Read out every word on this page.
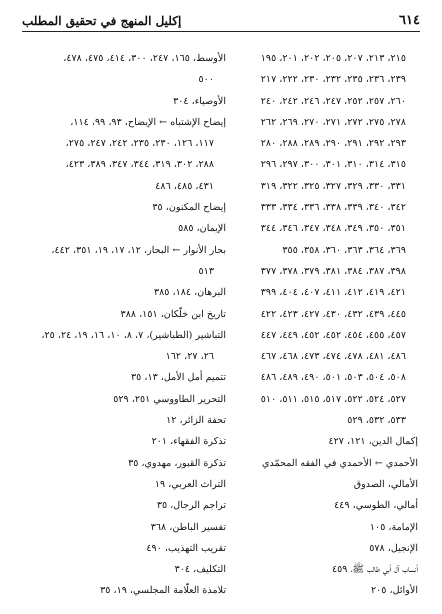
٦١٤
إكليل المنهج في تحقيق المطلب
٢١٥، ٢١٣، ٢٠٧، ٢٠٥، ٢٠٢، ٢٠١، ١٩٥
٢٣٩، ٢٣٦، ٢٣٥، ٢٣٢، ٢٣٠، ٢٢٢، ٢١٧
٢٦٠، ٢٥٧، ٢٥٢، ٢٤٧، ٢٤٦، ٢٤٢، ٢٤٠
٢٧٨، ٢٧٥، ٢٧٢، ٢٧١، ٢٧٠، ٢٦٩، ٢٦٢
٢٩٣، ٢٩٢، ٢٩١، ٢٩٠، ٢٨٩، ٢٨٨، ٢٨٠
٣١٥، ٣١٤، ٣١٠، ٣٠١، ٣٠٠، ٢٩٧، ٢٩٦
٣٣١، ٣٣٠، ٣٢٩، ٣٢٧، ٣٢٥، ٣٢٢، ٣١٩
٣٤٢، ٣٤٠، ٣٣٩، ٣٣٨، ٣٣٦، ٣٣٤، ٣٣٣
٣٥١، ٣٥٠، ٣٤٩، ٣٤٨، ٣٤٧، ٣٤٦، ٣٤٤
٣٦٩، ٣٦٤، ٣٦٣، ٣٦٠، ٣٥٨، ٣٥٥
٣٩٨، ٣٨٧، ٣٨٤، ٣٨١، ٣٧٩، ٣٧٨، ٣٧٧
٤٢١، ٤١٩، ٤١٢، ٤١١، ٤٠٧، ٤٠٤، ٣٩٩
٤٤٥، ٤٣٩، ٤٣٢، ٤٣٠، ٤٢٧، ٤٢٣، ٤٢٢
٤٥٧، ٤٥٥، ٤٥٤، ٤٥٢، ٤٥٢، ٤٤٩، ٤٤٧
٤٨٦، ٤٨١، ٤٧٨، ٤٧٤، ٤٧٣، ٤٦٨، ٤٦٧
٥٠٨، ٥٠٤، ٥٠٣، ٥٠١، ٤٩٠، ٤٨٩، ٤٨٦
٥٢٧، ٥٢٤، ٥٢٢، ٥١٧، ٥١٥، ٥١١، ٥١٠
٥٣٣، ٥٣٢، ٥٢٩
إكمال الدين، ١٢١، ٤٢٧
الأحمدي ← الأحمدي في الفقه المحمّدي
الأمالي، الصدوق
أمالي، الطوسي، ٤٤٩
الإمامة، ١٠٥
الإنجيل، ٥٧٨
أنساب آل أبي طالب ﷺ، ٤٥٩
الأوائل، ٢٠٥
الأوسط، ١٦٥، ٢٤٧، ٣٠٠، ٤١٤، ٤٧٥، ٤٧٨،
٥٠٠
الأوصياء، ٣٠٤
إيضاح الإشتباه ← الإيضاح، ٩٣، ٩٩، ١١٤،
١١٧، ١٢٦، ٢٣٠، ٢٣٥، ٢٤٢، ٢٤٧، ٢٧٥،
٢٨٨، ٣٠٢، ٣١٩، ٣٤٤، ٣٤٧، ٣٨٩، ٤٢٣،
٤٣١، ٤٨٥، ٤٨٦
إيضاح المكنون، ٣٥
الإيمان، ٥٨٥
بحار الأنوار ← البحار، ١٢، ١٧، ١٩، ٣٥١، ٤٤٢،
٥١٣
البرهان، ١٨٤، ٣٨٥
تاريخ ابن خلّكان، ١٥١، ٣٨٨
التباشير (الطباشير)، ٧، ٨، ١٠، ١٦، ١٩، ٢٤، ٢٥،
٢٦، ٢٧، ١٦٢
تتميم أمل الأمل، ١٣، ٣٥
التحرير الطاووسي ٢٥١، ٥٢٩
تحفة الزائر، ١٢
تذكرة الفقهاء، ٢٠١
تذكرة القبور، مهدوي، ٣٥
التراث العربي، ١٩
تراجم الرجال، ٣٥
تفسير الباطن، ٣٦٨
تقريب التهذيب، ٤٩٠
التكليف، ٣٠٤
تلامذة العلّامة المجلسي، ١٩، ٣٥
